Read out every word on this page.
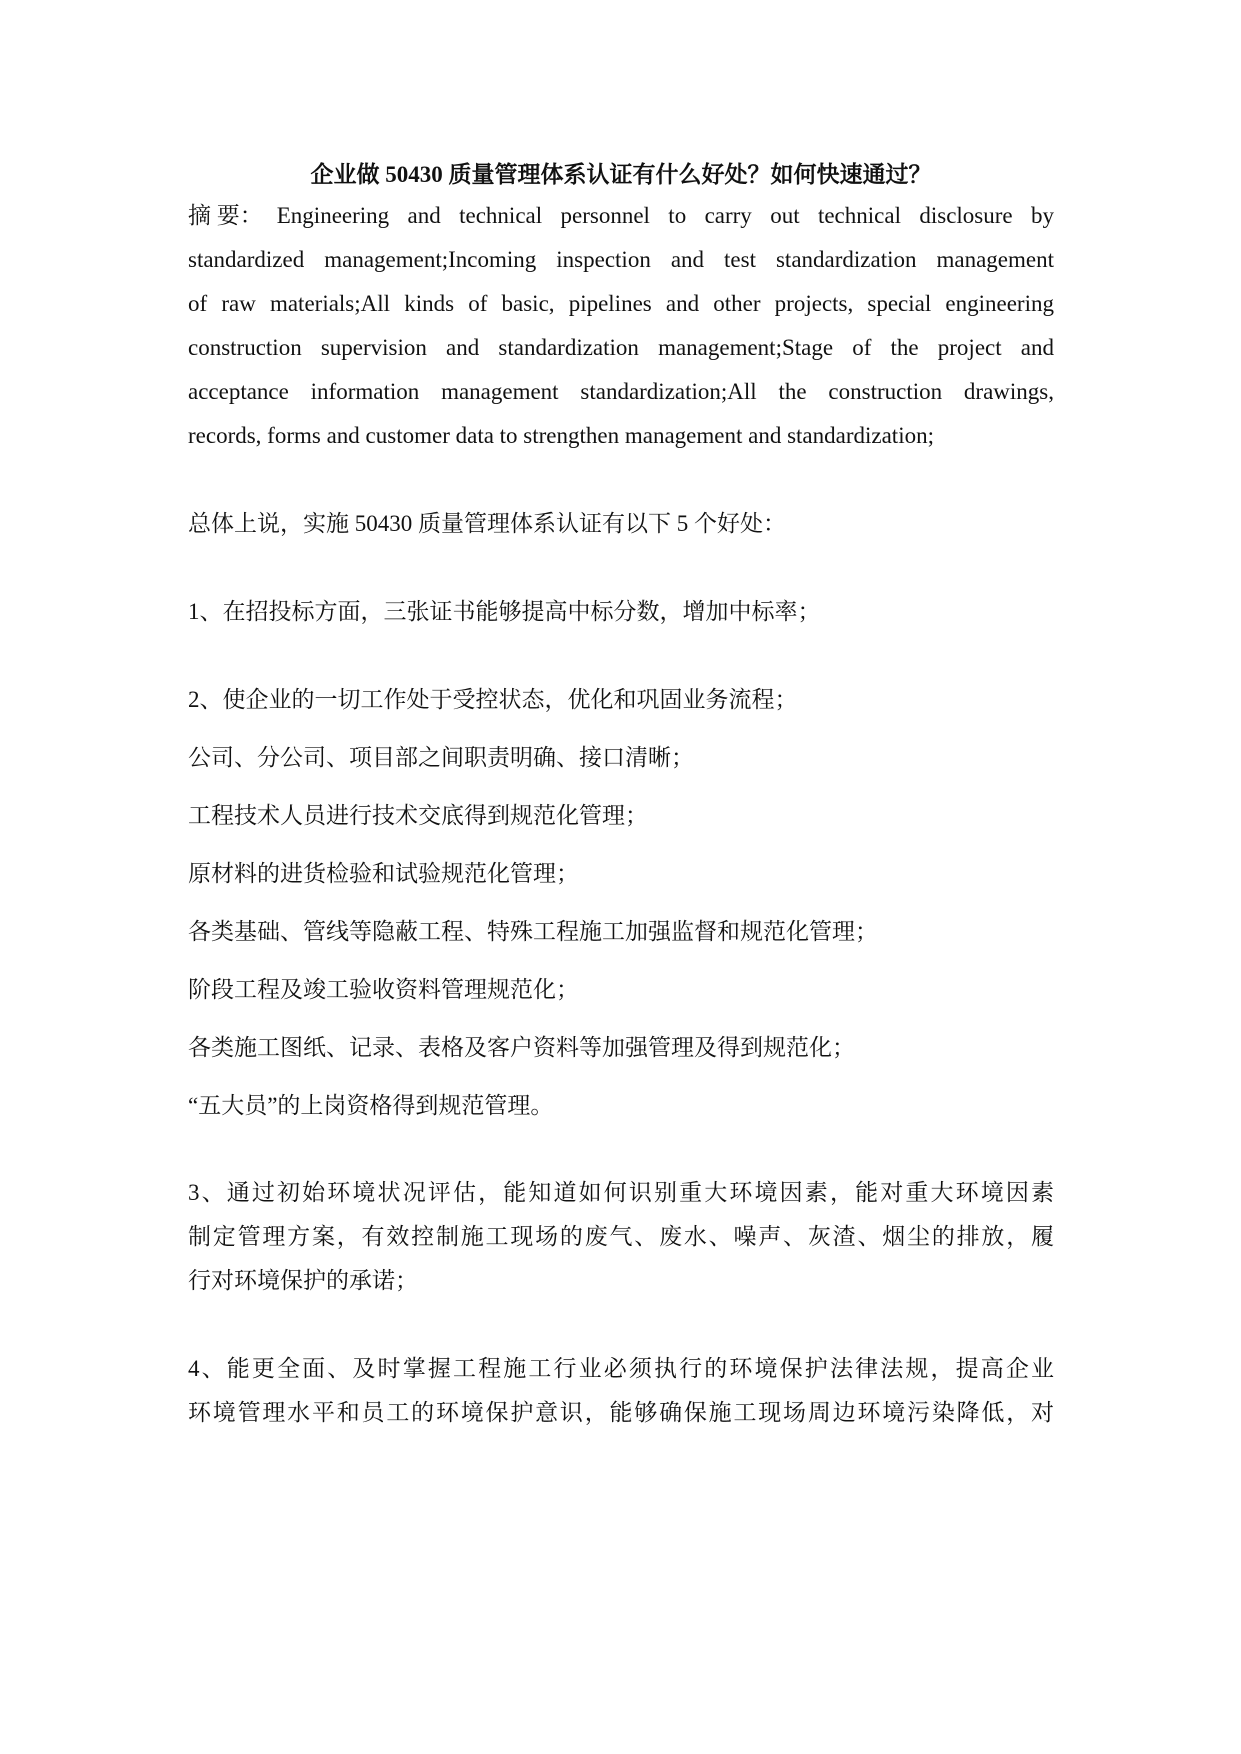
企业做 50430 质量管理体系认证有什么好处？如何快速通过？
摘 要： Engineering and technical personnel to carry out technical disclosure by
standardized management;Incoming inspection and test standardization management
of raw materials;All kinds of basic, pipelines and other projects, special engineering
construction supervision and standardization management;Stage of the project and
acceptance information management standardization;All the construction drawings,
records, forms and customer data to strengthen management and standardization;
总体上说，实施 50430 质量管理体系认证有以下 5 个好处：
1、在招投标方面，三张证书能够提高中标分数，增加中标率；
2、使企业的一切工作处于受控状态，优化和巩固业务流程；
公司、分公司、项目部之间职责明确、接口清晰；
工程技术人员进行技术交底得到规范化管理；
原材料的进货检验和试验规范化管理；
各类基础、管线等隐蔽工程、特殊工程施工加强监督和规范化管理；
阶段工程及竣工验收资料管理规范化；
各类施工图纸、记录、表格及客户资料等加强管理及得到规范化；
“五大员”的上岗资格得到规范管理。
3、通过初始环境状况评估，能知道如何识别重大环境因素，能对重大环境因素
制定管理方案，有效控制施工现场的废气、废水、噪声、灰渣、烟尘的排放，履
行对环境保护的承诺；
4、能更全面、及时掌握工程施工行业必须执行的环境保护法律法规，提高企业
环境管理水平和员工的环境保护意识，能够确保施工现场周边环境污染降低，对
